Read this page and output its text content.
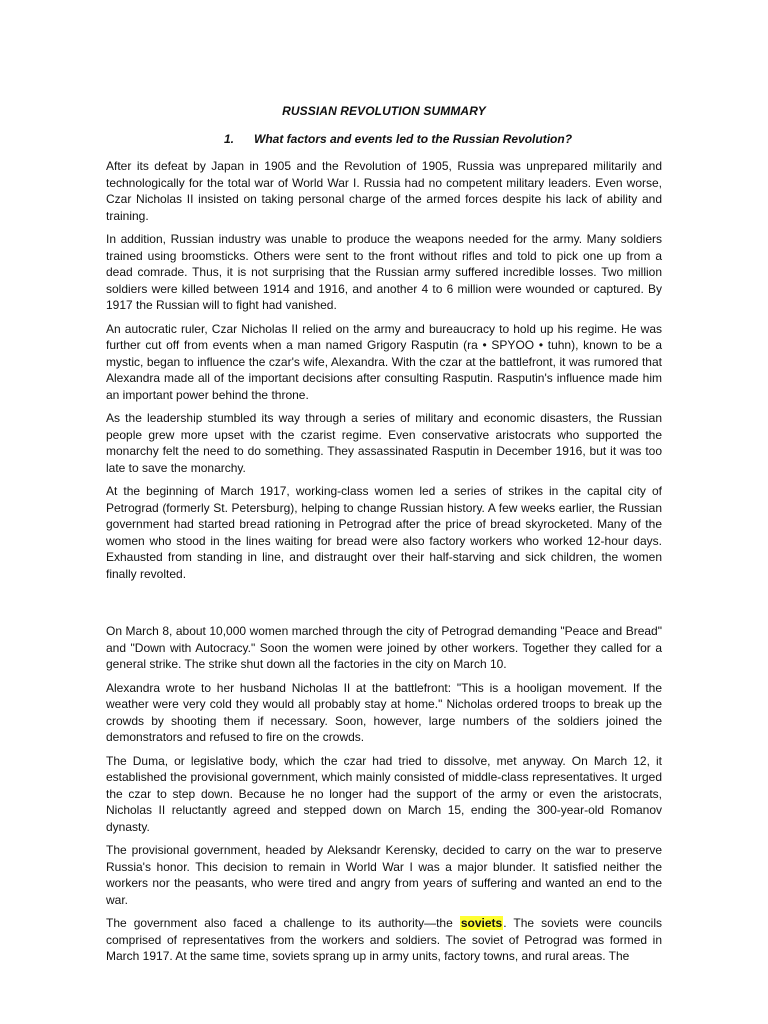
RUSSIAN REVOLUTION SUMMARY
1. What factors and events led to the Russian Revolution?

After its defeat by Japan in 1905 and the Revolution of 1905, Russia was unprepared militarily and technologically for the total war of World War I. Russia had no competent military leaders. Even worse, Czar Nicholas II insisted on taking personal charge of the armed forces despite his lack of ability and training.

In addition, Russian industry was unable to produce the weapons needed for the army. Many soldiers trained using broomsticks. Others were sent to the front without rifles and told to pick one up from a dead comrade. Thus, it is not surprising that the Russian army suffered incredible losses. Two million soldiers were killed between 1914 and 1916, and another 4 to 6 million were wounded or captured. By 1917 the Russian will to fight had vanished.

An autocratic ruler, Czar Nicholas II relied on the army and bureaucracy to hold up his regime. He was further cut off from events when a man named Grigory Rasputin (ra • SPYOO • tuhn), known to be a mystic, began to influence the czar's wife, Alexandra. With the czar at the battlefront, it was rumored that Alexandra made all of the important decisions after consulting Rasputin. Rasputin's influence made him an important power behind the throne.

As the leadership stumbled its way through a series of military and economic disasters, the Russian people grew more upset with the czarist regime. Even conservative aristocrats who supported the monarchy felt the need to do something. They assassinated Rasputin in December 1916, but it was too late to save the monarchy.

At the beginning of March 1917, working-class women led a series of strikes in the capital city of Petrograd (formerly St. Petersburg), helping to change Russian history. A few weeks earlier, the Russian government had started bread rationing in Petrograd after the price of bread skyrocketed. Many of the women who stood in the lines waiting for bread were also factory workers who worked 12-hour days. Exhausted from standing in line, and distraught over their half-starving and sick children, the women finally revolted.

On March 8, about 10,000 women marched through the city of Petrograd demanding "Peace and Bread" and "Down with Autocracy." Soon the women were joined by other workers. Together they called for a general strike. The strike shut down all the factories in the city on March 10.

Alexandra wrote to her husband Nicholas II at the battlefront: "This is a hooligan movement. If the weather were very cold they would all probably stay at home." Nicholas ordered troops to break up the crowds by shooting them if necessary. Soon, however, large numbers of the soldiers joined the demonstrators and refused to fire on the crowds.

The Duma, or legislative body, which the czar had tried to dissolve, met anyway. On March 12, it established the provisional government, which mainly consisted of middle-class representatives. It urged the czar to step down. Because he no longer had the support of the army or even the aristocrats, Nicholas II reluctantly agreed and stepped down on March 15, ending the 300-year-old Romanov dynasty.

The provisional government, headed by Aleksandr Kerensky, decided to carry on the war to preserve Russia's honor. This decision to remain in World War I was a major blunder. It satisfied neither the workers nor the peasants, who were tired and angry from years of suffering and wanted an end to the war.

The government also faced a challenge to its authority—the soviets. The soviets were councils comprised of representatives from the workers and soldiers. The soviet of Petrograd was formed in March 1917. At the same time, soviets sprang up in army units, factory towns, and rural areas. The
